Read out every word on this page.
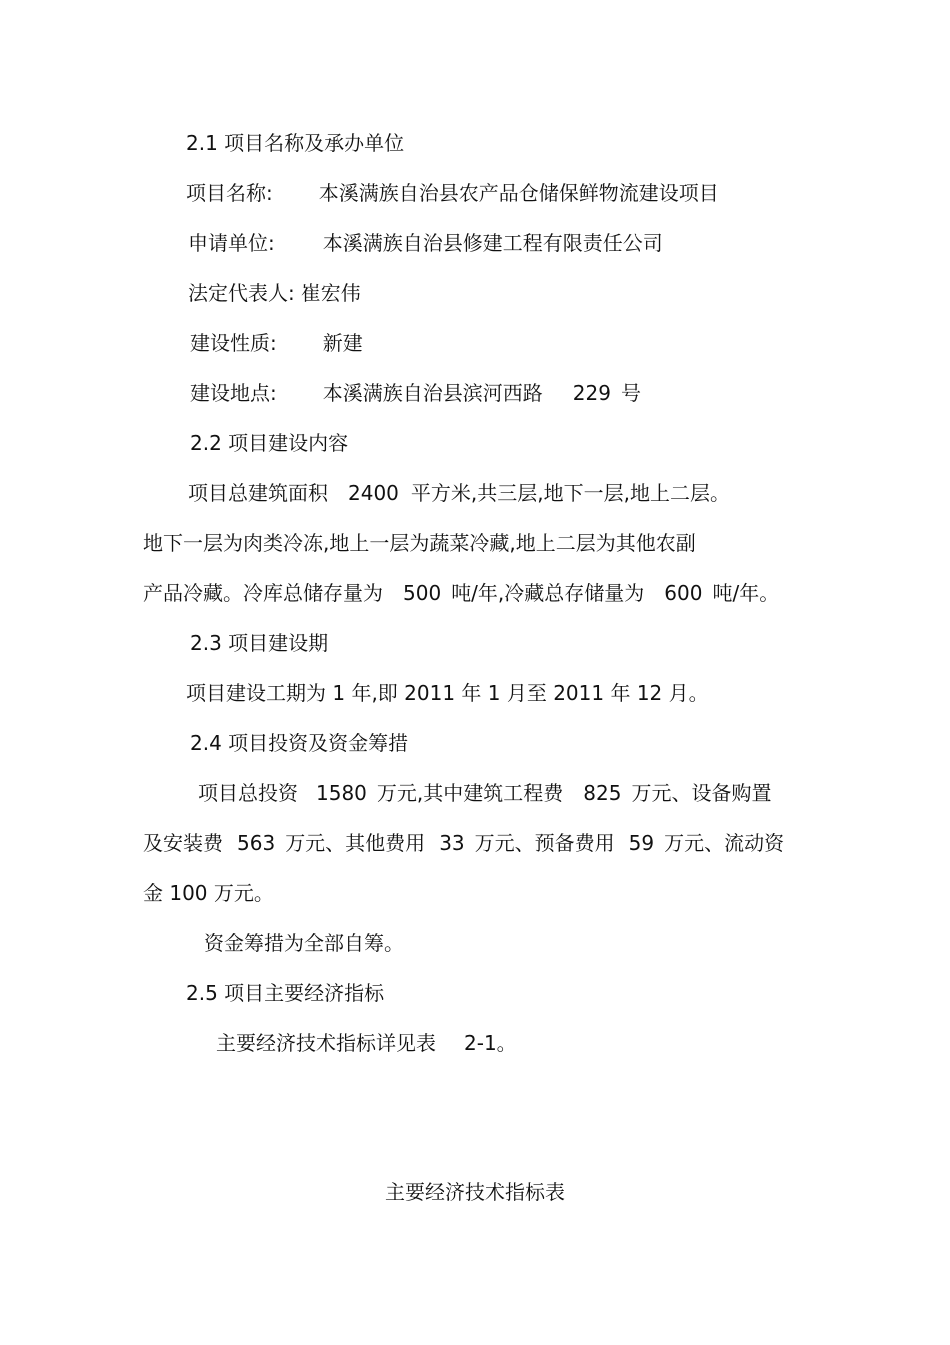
2.1 项目名称及承办单位
项目名称: 本溪满族自治县农产品仓储保鲜物流建设项目
申请单位: 本溪满族自治县修建工程有限责任公司
法定代表人: 崔宏伟
建设性质: 新建
建设地点: 本溪满族自治县滨河西路 229 号
2.2 项目建设内容
项目总建筑面积 2400 平方米,共三层,地下一层,地上二层。
地下一层为肉类冷冻,地上一层为蔬菜冷藏,地上二层为其他农副
产品冷藏。冷库总储存量为 500 吨/年,冷藏总存储量为 600 吨/年。
2.3 项目建设期
项目建设工期为 1 年,即 2011 年 1 月至 2011 年 12 月。
2.4 项目投资及资金筹措
项目总投资 1580 万元,其中建筑工程费 825 万元、设备购置
及安装费 563 万元、其他费用 33 万元、预备费用 59 万元、流动资
金 100 万元。
资金筹措为全部自筹。
2.5 项目主要经济指标
主要经济技术指标详见表 2-1。
主要经济技术指标表
